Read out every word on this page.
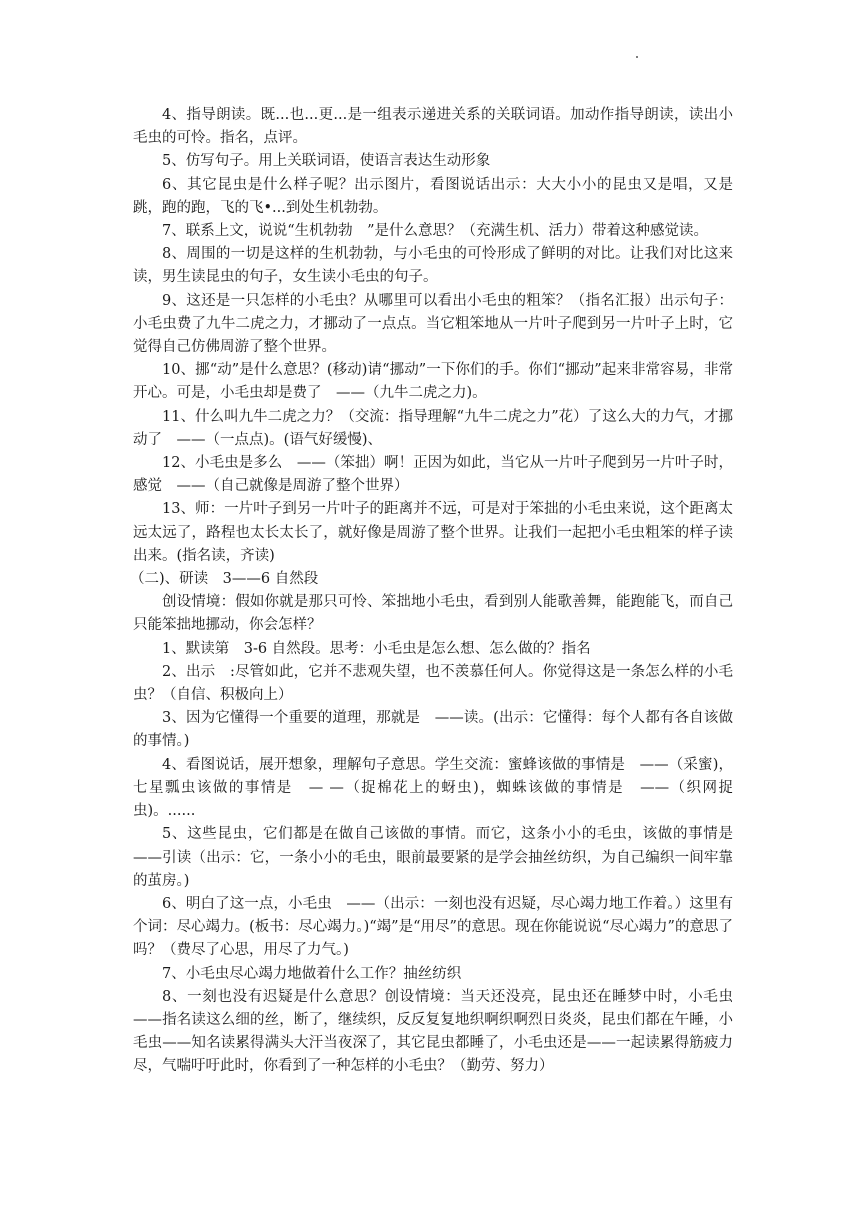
4、指导朗读。既...也...更...是一组表示递进关系的关联词语。加动作指导朗读，读出小毛虫的可怜。指名，点评。

5、仿写句子。用上关联词语，使语言表达生动形象

6、其它昆虫是什么样子呢？出示图片，看图说话出示：大大小小的昆虫又是唱，又是跳，跑的跑，飞的飞•...到处生机勃勃。

7、联系上文，说说“生机勃勃　”是什么意思？（充满生机、活力）带着这种感觉读。

8、周围的一切是这样的生机勃勃，与小毛虫的可怜形成了鲜明的对比。让我们对比这来读，男生读昆虫的句子，女生读小毛虫的句子。

9、这还是一只怎样的小毛虫？从哪里可以看出小毛虫的粗笨？（指名汇报）出示句子：小毛虫费了九牛二虎之力，才挪动了一点点。当它粗笨地从一片叶子爬到另一片叶子上时，它觉得自己仿佛周游了整个世界。

10、挪“动”是什么意思？(移动)请“挪动”一下你们的手。你们“挪动”起来非常容易，非常开心。可是，小毛虫却是费了　——（九牛二虎之力)。

11、什么叫九牛二虎之力？（交流：指导理解“九牛二虎之力”花）了这么大的力气，才挪动了　——（一点点)。(语气好缓慢)、

12、小毛虫是多么　——（笨拙）啊！正因为如此，当它从一片叶子爬到另一片叶子时，感觉　——（自己就像是周游了整个世界）

13、师：一片叶子到另一片叶子的距离并不远，可是对于笨拙的小毛虫来说，这个距离太远太远了，路程也太长太长了，就好像是周游了整个世界。让我们一起把小毛虫粗笨的样子读出来。(指名读，齐读)

（二)、研读　3——6 自然段

创设情境：假如你就是那只可怜、笨拙地小毛虫，看到别人能歌善舞，能跑能飞，而自己只能笨拙地挪动，你会怎样？

1、默读第　3-6 自然段。思考：小毛虫是怎么想、怎么做的？指名

2、出示　:尽管如此，它并不悲观失望，也不羡慕任何人。你觉得这是一条怎么样的小毛虫？（自信、积极向上）

3、因为它懂得一个重要的道理，那就是　——读。(出示：它懂得：每个人都有各自该做的事情。)

4、看图说话，展开想象，理解句子意思。学生交流：蜜蜂该做的事情是　——（采蜜)，七星瓢虫该做的事情是　— —（捉棉花上的蚜虫)，蜘蛛该做的事情是　——（织网捉虫)。......

5、这些昆虫，它们都是在做自己该做的事情。而它，这条小小的毛虫，该做的事情是　——引读（出示：它，一条小小的毛虫，眼前最要紧的是学会抽丝纺织，为自己编织一间牢靠的茧房。)

6、明白了这一点，小毛虫　——（出示：一刻也没有迟疑，尽心竭力地工作着。）这里有个词：尽心竭力。(板书：尽心竭力。)“竭”是“用尽”的意思。现在你能说说“尽心竭力”的意思了吗？（费尽了心思，用尽了力气。)

7、小毛虫尽心竭力地做着什么工作？抽丝纺织

8、一刻也没有迟疑是什么意思？创设情境：当天还没亮，昆虫还在睡梦中时，小毛虫——指名读这么细的丝，断了，继续织，反反复复地织啊织啊烈日炎炎，昆虫们都在午睡，小毛虫——知名读累得满头大汗当夜深了，其它昆虫都睡了，小毛虫还是——一起读累得筋疲力尽，气喘吁吁此时，你看到了一种怎样的小毛虫？（勤劳、努力）
